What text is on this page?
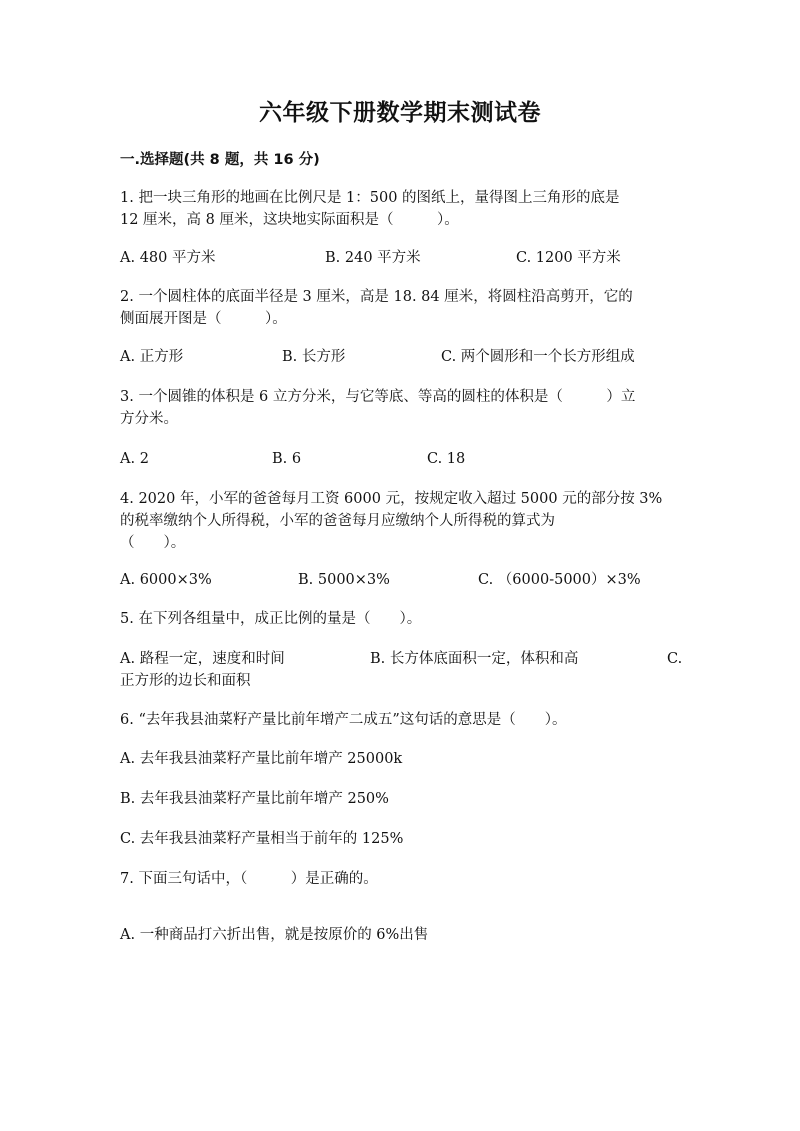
六年级下册数学期末测试卷
一.选择题(共 8 题，共 16 分)
1. 把一块三角形的地画在比例尺是 1：500 的图纸上，量得图上三角形的底是
12 厘米，高 8 厘米，这块地实际面积是（　　　）。
A. 480 平方米	B. 240 平方米	C. 1200 平方米
2. 一个圆柱体的底面半径是 3 厘米，高是 18. 84 厘米，将圆柱沿高剪开，它的
侧面展开图是（　　　）。
A. 正方形	B. 长方形	C. 两个圆形和一个长方形组成
3. 一个圆锥的体积是 6 立方分米，与它等底、等高的圆柱的体积是（　　　）立
方分米。
A. 2	B. 6	C. 18
4. 2020 年，小军的爸爸每月工资 6000 元，按规定收入超过 5000 元的部分按 3%
的税率缴纳个人所得税，小军的爸爸每月应缴纳个人所得税的算式为
（　　）。
A. 6000×3%	B. 5000×3%	C. （6000-5000）×3%
5. 在下列各组量中，成正比例的量是（　　）。
A. 路程一定，速度和时间	B. 长方体底面积一定，体积和高	C.
正方形的边长和面积
6. “去年我县油菜籽产量比前年增产二成五”这句话的意思是（　　）。
A. 去年我县油菜籽产量比前年增产 25000k
B. 去年我县油菜籽产量比前年增产 250%
C. 去年我县油菜籽产量相当于前年的 125%
7. 下面三句话中，（　　　）是正确的。
A. 一种商品打六折出售，就是按原价的 6%出售
